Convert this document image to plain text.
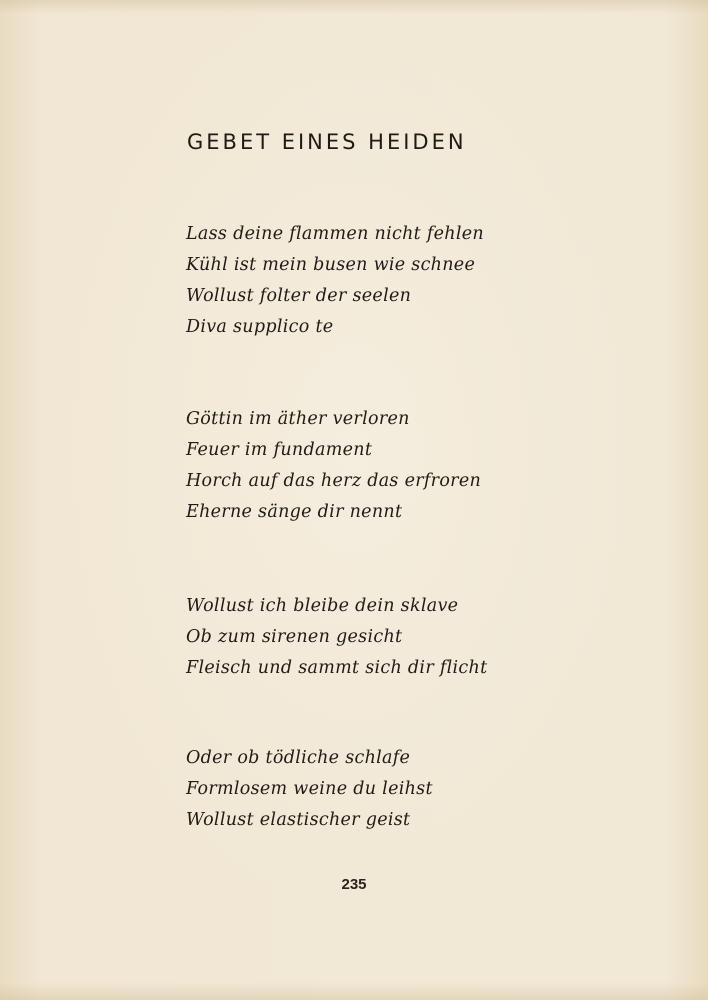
GEBET EINES HEIDEN
Lass deine flammen nicht fehlen
Kühl ist mein busen wie schnee
Wollust folter der seelen
Diva supplico te
Göttin im äther verloren
Feuer im fundament
Horch auf das herz das erfroren
Eherne sänge dir nennt
Wollust ich bleibe dein sklave
Ob zum sirenen gesicht
Fleisch und sammt sich dir flicht
Oder ob tödliche schlafe
Formlosem weine du leihst
Wollust elastischer geist
235
